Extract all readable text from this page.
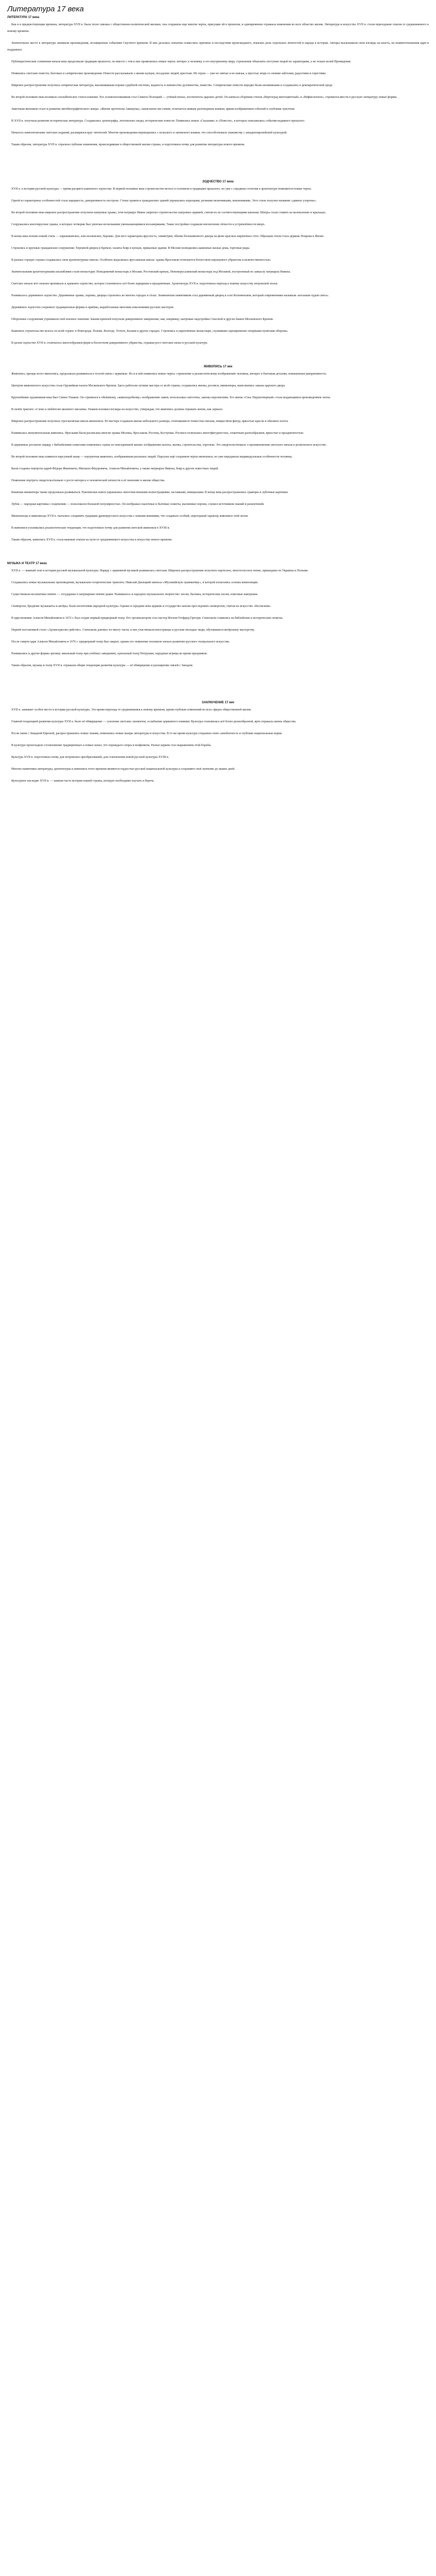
Литература 17 века
ЛИТЕРАТУРА 17 века

Как и в предшествующие времена, литература XVII в. была тесно связана с общественно-политической жизнью, она сохраняла еще многие черты, присущие ей в прошлом, и одновременно отражала изменения во всех областях жизни. Литература и искусство XVII в. стали переходным этапом от средневекового к новому времени.

Значительное место в литературе занимали произведения, посвященные событиям Смутного времени. В них делались попытки осмыслить причины и последствия происшедшего, показать роль отдельных личностей и народа в истории. Авторы высказывали свои взгляды на власть, на взаимоотношения царя и подданных.

Публицистические сочинения начала века продолжали традиции прошлого, но вместе с тем в них проявлялись новые черты: интерес к человеку, к его внутреннему миру, стремление объяснить поступки людей их характерами, а не только волей Провидения.

Появились светские повести, бытовые и сатирические произведения. Повести рассказывали о жизни купцов, посадских людей, крестьян. Их герои — уже не святые и не князья, а простые люди со своими заботами, радостями и горестями.

Широкое распространение получила сатирическая литература, высмеивавшая пороки судебной системы, жадность и невежество духовенства, пьянство. Сатирические повести нередко были анонимными и создавались в демократической среде.

Во второй половине века возникло силлабическое стихосложение. Его основоположником стал Симеон Полоцкий — учёный монах, воспитатель царских детей. Он написал сборники стихов «Вертоград многоцветный» и «Рифмологион», стремился ввести в русскую литературу новые формы.

Заметным явлением стало и развитие автобиографического жанра. «Житие протопопа Аввакума», написанное им самим, отличается живым разговорным языком, ярким изображением событий и глубоким чувством.

В XVII в. получила развитие историческая литература. Создавались хронографы, летописные своды, исторические повести. Появились новые «Сказания» и «Повести», в которых описывались события недавнего прошлого.

Началось книгопечатание светских изданий, расширялся круг читателей. Многие произведения переводились с польского и латинского языков, что способствовало знакомству с западноевропейской культурой.

Таким образом, литература XVII в. отразила глубокие изменения, происходившие в общественной жизни страны, и подготовила почву для развития литературы нового времени.

ЗОДЧЕСТВО 17 века

XVII в. в истории русской культуры — время расцвета каменного зодчества. В первой половине века строительство велось в основном в традициях прошлого, но уже с середины столетия в архитектуре появляются новые черты.

Одной из характерных особенностей стала нарядность, декоративность построек. Стены храмов и гражданских зданий украшались изразцами, резными наличниками, кокошниками. Этот стиль получил название «дивное узорочье».

Во второй половине века широкое распространение получили шатровые храмы, хотя патриарх Никон запретил строительство шатровых церквей, считая их не соответствующими канонам. Шатры стали ставить на колокольнях и крыльцах.

Сооружались многоярусные храмы, в которых четверик был увенчан несколькими уменьшающимися восьмериками. Такие постройки создавали впечатление лёгкости и устремлённости вверх.

В конце века возник новый стиль — нарышкинское, или московское, барокко. Для него характерны ярусность, симметрия, обилие белокаменного декора на фоне красных кирпичных стен. Образцом стиля стала церковь Покрова в Филях.

Строились и крупные гражданские сооружения: Теремной дворец в Кремле, палаты бояр и купцов, приказные здания. В Москве возводились каменные жилые дома, торговые ряды.

В разных городах страны создавались свои архитектурные школы. Особенно выделялась ярославская школа: храмы Ярославля отличаются богатством изразцового убранства и величественностью.

Значительными архитектурными ансамблями стали монастыри: Новодевичий монастырь в Москве, Ростовский кремль, Новоиерусалимский монастырь под Москвой, построенный по замыслу патриарха Никона.

Светское начало всё сильнее проникало в храмовое зодчество, которое становилось всё более нарядным и праздничным. Архитектура XVII в. подготовила переход к новому искусству петровской эпохи.

Развивалось деревянное зодчество. Деревянные храмы, хоромы, дворцы строились во многих городах и сёлах. Знаменитым памятником стал деревянный дворец в селе Коломенском, который современники называли «восьмым чудом света».

Деревянное зодчество сохранило традиционные формы и приёмы, выработанные многими поколениями русских мастеров.

Оборонные сооружения утрачивали своё военное значение. Башни кремлей получали декоративное завершение, как, например, шатровые надстройки Спасской и других башен Московского Кремля.

Каменное строительство велось по всей стране: в Новгороде, Пскове, Вологде, Устюге, Казани и других городах. Строились и укреплённые монастыри, служившие одновременно опорными пунктами обороны.

В целом зодчество XVII в. отличалось многообразием форм и богатством декоративного убранства, отражая рост светских начал в русской культуре.

ЖИВОПИСЬ 17 век

Живопись, прежде всего иконопись, продолжала развиваться в тесной связи с церковью. Но и в ней появились новые черты: стремление к реалистическому изображению человека, интерес к бытовым деталям, повышенная декоративность.

Центром живописного искусства стала Оружейная палата Московского Кремля. Здесь работали лучшие мастера со всей страны, создавались иконы, росписи, миниатюры, выполнялись заказы царского двора.

Крупнейшим художником века был Симон Ушаков. Он стремился к объёмному, «живоподобному» изображению ликов, использовал светотень, законы перспективы. Его икона «Спас Нерукотворный» стала выдающимся произведением эпохи.

В своём трактате «Слово к любителю иконного писания» Ушаков изложил взгляды на искусство, утверждая, что живопись должна отражать жизнь, как зеркало.

Широкое распространение получила строгановская школа иконописи. Её мастера создавали иконы небольшого размера, отличавшиеся тонкостью письма, изяществом фигур, яркостью красок и обилием золота.

Развивалась монументальная живопись. Фресками были расписаны многие храмы Москвы, Ярославля, Ростова, Костромы. Росписи отличались многофигурностью, сюжетным разнообразием, яркостью и праздничностью.

В церковных росписях наряду с библейскими сюжетами появлялись сцены из повседневной жизни: изображения пахоты, жатвы, строительства, торговли. Это свидетельствовало о проникновении светского начала в религиозное искусство.

Во второй половине века появился парсунный жанр — портретная живопись, изображавшая реальных людей. Парсуны ещё сохраняли черты иконописи, но уже передавали индивидуальные особенности человека.

Были созданы портреты царей Фёдора Ивановича, Михаила Фёдоровича, Алексея Михайловича, а также патриарха Никона, бояр и других известных людей.

Появление портрета свидетельствовало о росте интереса к человеческой личности и её значению в жизни общества.

Книжная миниатюра также продолжала развиваться. Рукописные книги украшались многочисленными иллюстрациями, заставками, инициалами. В конце века распространились гравюры и лубочные картинки.

Лубок — народная картинка с подписями — пользовался большой популярностью. Он изображал сказочные и бытовые сюжеты, высмеивал пороки, служил источником знаний и развлечений.

Иконописцы и живописцы XVII в. пытались соединить традиции древнерусского искусства с новыми веяниями, что создавало особый, переходный характер живописи этой эпохи.

В живописи усиливались реалистические тенденции, что подготовило почву для развития светской живописи в XVIII в.

Таким образом, живопись XVII в. стала важным этапом на пути от средневекового искусства к искусству нового времени.

МУЗЫКА И ТЕАТР 17 века

XVII в. — важный этап в истории русской музыкальной культуры. Наряду с церковной музыкой развивалась светская. Широкое распространение получило партесное, многоголосное пение, пришедшее из Украины и Польши.

Создавались новые музыкальные произведения, музыкально-теоретические трактаты. Николай Дилецкий написал «Мусикийскую грамматику», в которой излагались основы композиции.

Существовали коллективы певчих — государевы и патриаршие певчие дьяки. Развивалось и народное музыкальное творчество: песни, былины, исторические песни, плясовые наигрыши.

Скоморохи, бродячие музыканты и актёры, были носителями народной культуры. Однако в середине века церковь и государство начали преследовать скоморохов, считая их искусство «бесовским».

В царствование Алексея Михайловича в 1672 г. был создан первый придворный театр. Его организатором стал пастор Иоганн Готфрид Грегори. Спектакли ставились на библейские и исторические сюжеты.

Первой постановкой стало «Артаксерксово действо». Спектакли длились по многу часов, в них участвовали иностранцы и русские молодые люди, обучавшиеся актёрскому мастерству.

После смерти царя Алексея Михайловича в 1676 г. придворный театр был закрыт, однако его появление положило начало развитию русского театрального искусства.

Развивались и другие формы зрелищ: школьный театр при учебных заведениях, кукольный театр Петрушки, народные игрища во время праздников.

Таким образом, музыка и театр XVII в. отражали общие тенденции развития культуры — её обмирщение и расширение связей с Западом.

ЗАКЛЮЧЕНИЕ 17 век

XVII в. занимает особое место в истории русской культуры. Это время перехода от средневековья к новому времени, время глубоких изменений во всех сферах общественной жизни.

Главной тенденцией развития культуры XVII в. было её обмирщение — усиление светских элементов, ослабление церковного влияния. Культура становилась всё более разнообразной, ярче отражала жизнь общества.

Росли связи с Западной Европой, распространялись новые знания, появлялись новые жанры литературы и искусства. В то же время культура сохраняла свою самобытность и глубокие национальные корни.

В культуре происходило столкновение традиционных и новых начал, что порождало споры и конфликты. Раскол церкви стал выражением этой борьбы.

Культура XVII в. подготовила почву для петровских преобразований, для становления новой русской культуры XVIII в.

Многие памятники литературы, архитектуры и живописи этого времени являются гордостью русской национальной культуры и сохраняют своё значение до наших дней.

Культурное наследие XVII в. — важная часть истории нашей страны, которую необходимо изучать и беречь.
